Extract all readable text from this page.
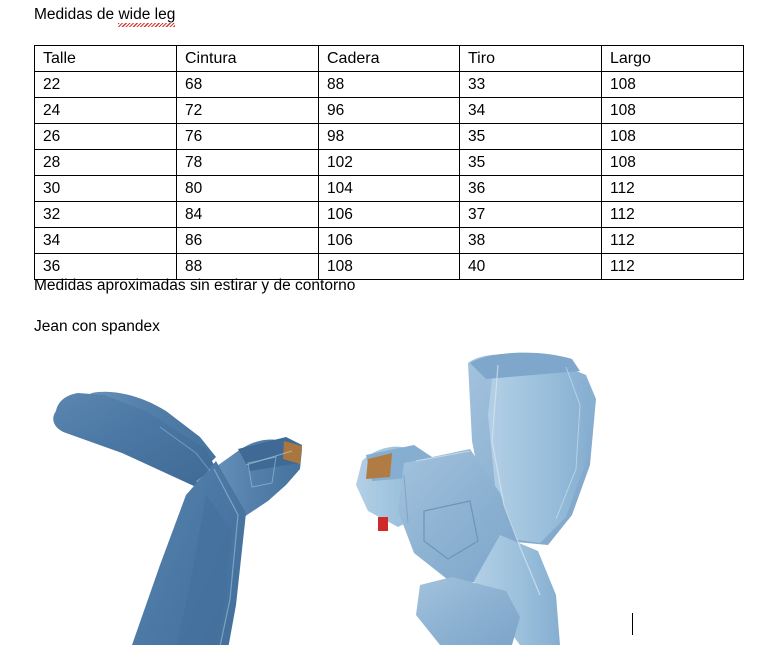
Medidas de wide leg
Talle	Cintura	Cadera	Tiro	Largo
22	68	88	33	108
24	72	96	34	108
26	76	98	35	108
28	78	102	35	108
30	80	104	36	112
32	84	106	37	112
34	86	106	38	112
36	88	108	40	112
Medidas aproximadas sin estirar y de contorno
Jean con spandex
